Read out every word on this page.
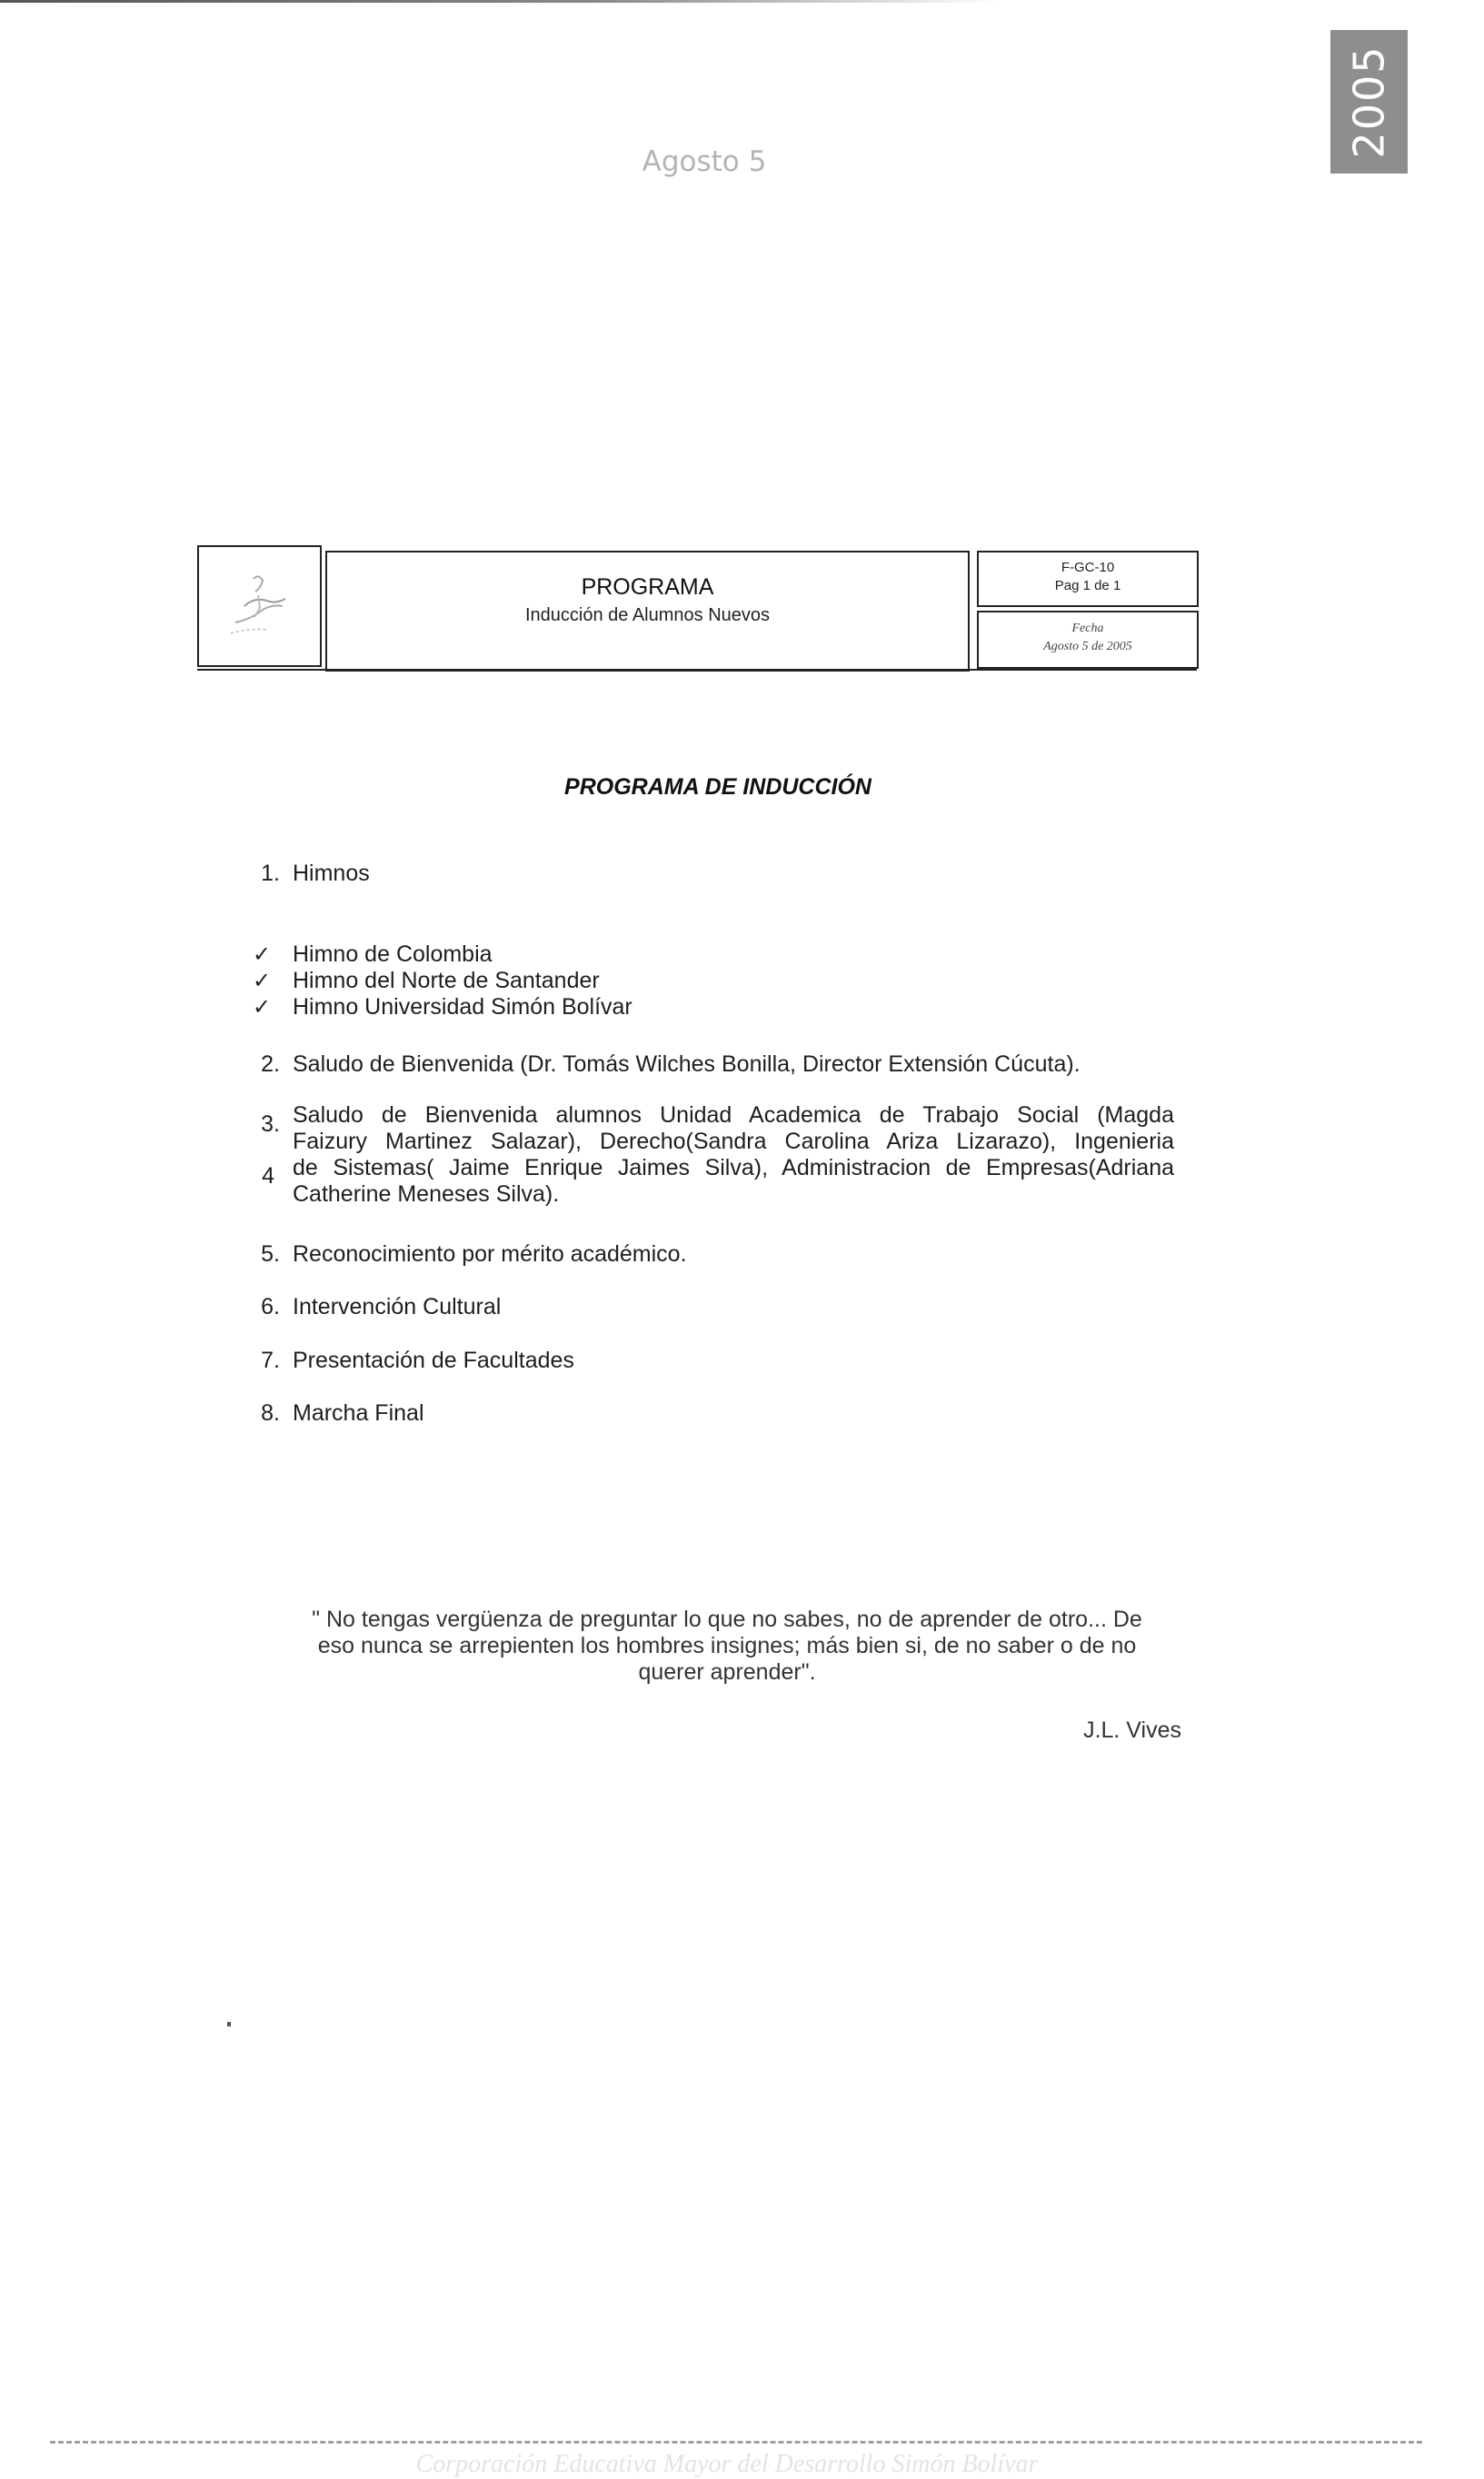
2005
Agosto 5
PROGRAMA
Inducción de Alumnos Nuevos
F-GC-10
Pag 1 de 1
Fecha
Agosto 5 de 2005
PROGRAMA DE INDUCCIÓN
1. Himnos
✓ Himno de Colombia
✓ Himno del Norte de Santander
✓ Himno Universidad Simón Bolívar
2. Saludo de Bienvenida (Dr. Tomás Wilches Bonilla, Director Extensión Cúcuta).
3. Saludo de Bienvenida alumnos Unidad Academica de Trabajo Social (Magda
Faizury Martinez Salazar), Derecho(Sandra Carolina Ariza Lizarazo), Ingenieria
4 de Sistemas( Jaime Enrique Jaimes Silva), Administracion de Empresas(Adriana
Catherine Meneses Silva).
5. Reconocimiento por mérito académico.
6. Intervención Cultural
7. Presentación de Facultades
8. Marcha Final
" No tengas vergüenza de preguntar lo que no sabes, no de aprender de otro... De
eso nunca se arrepienten los hombres insignes; más bien si, de no saber o de no
querer aprender".
J.L. Vives
Corporación Educativa Mayor del Desarrollo Simón Bolívar
